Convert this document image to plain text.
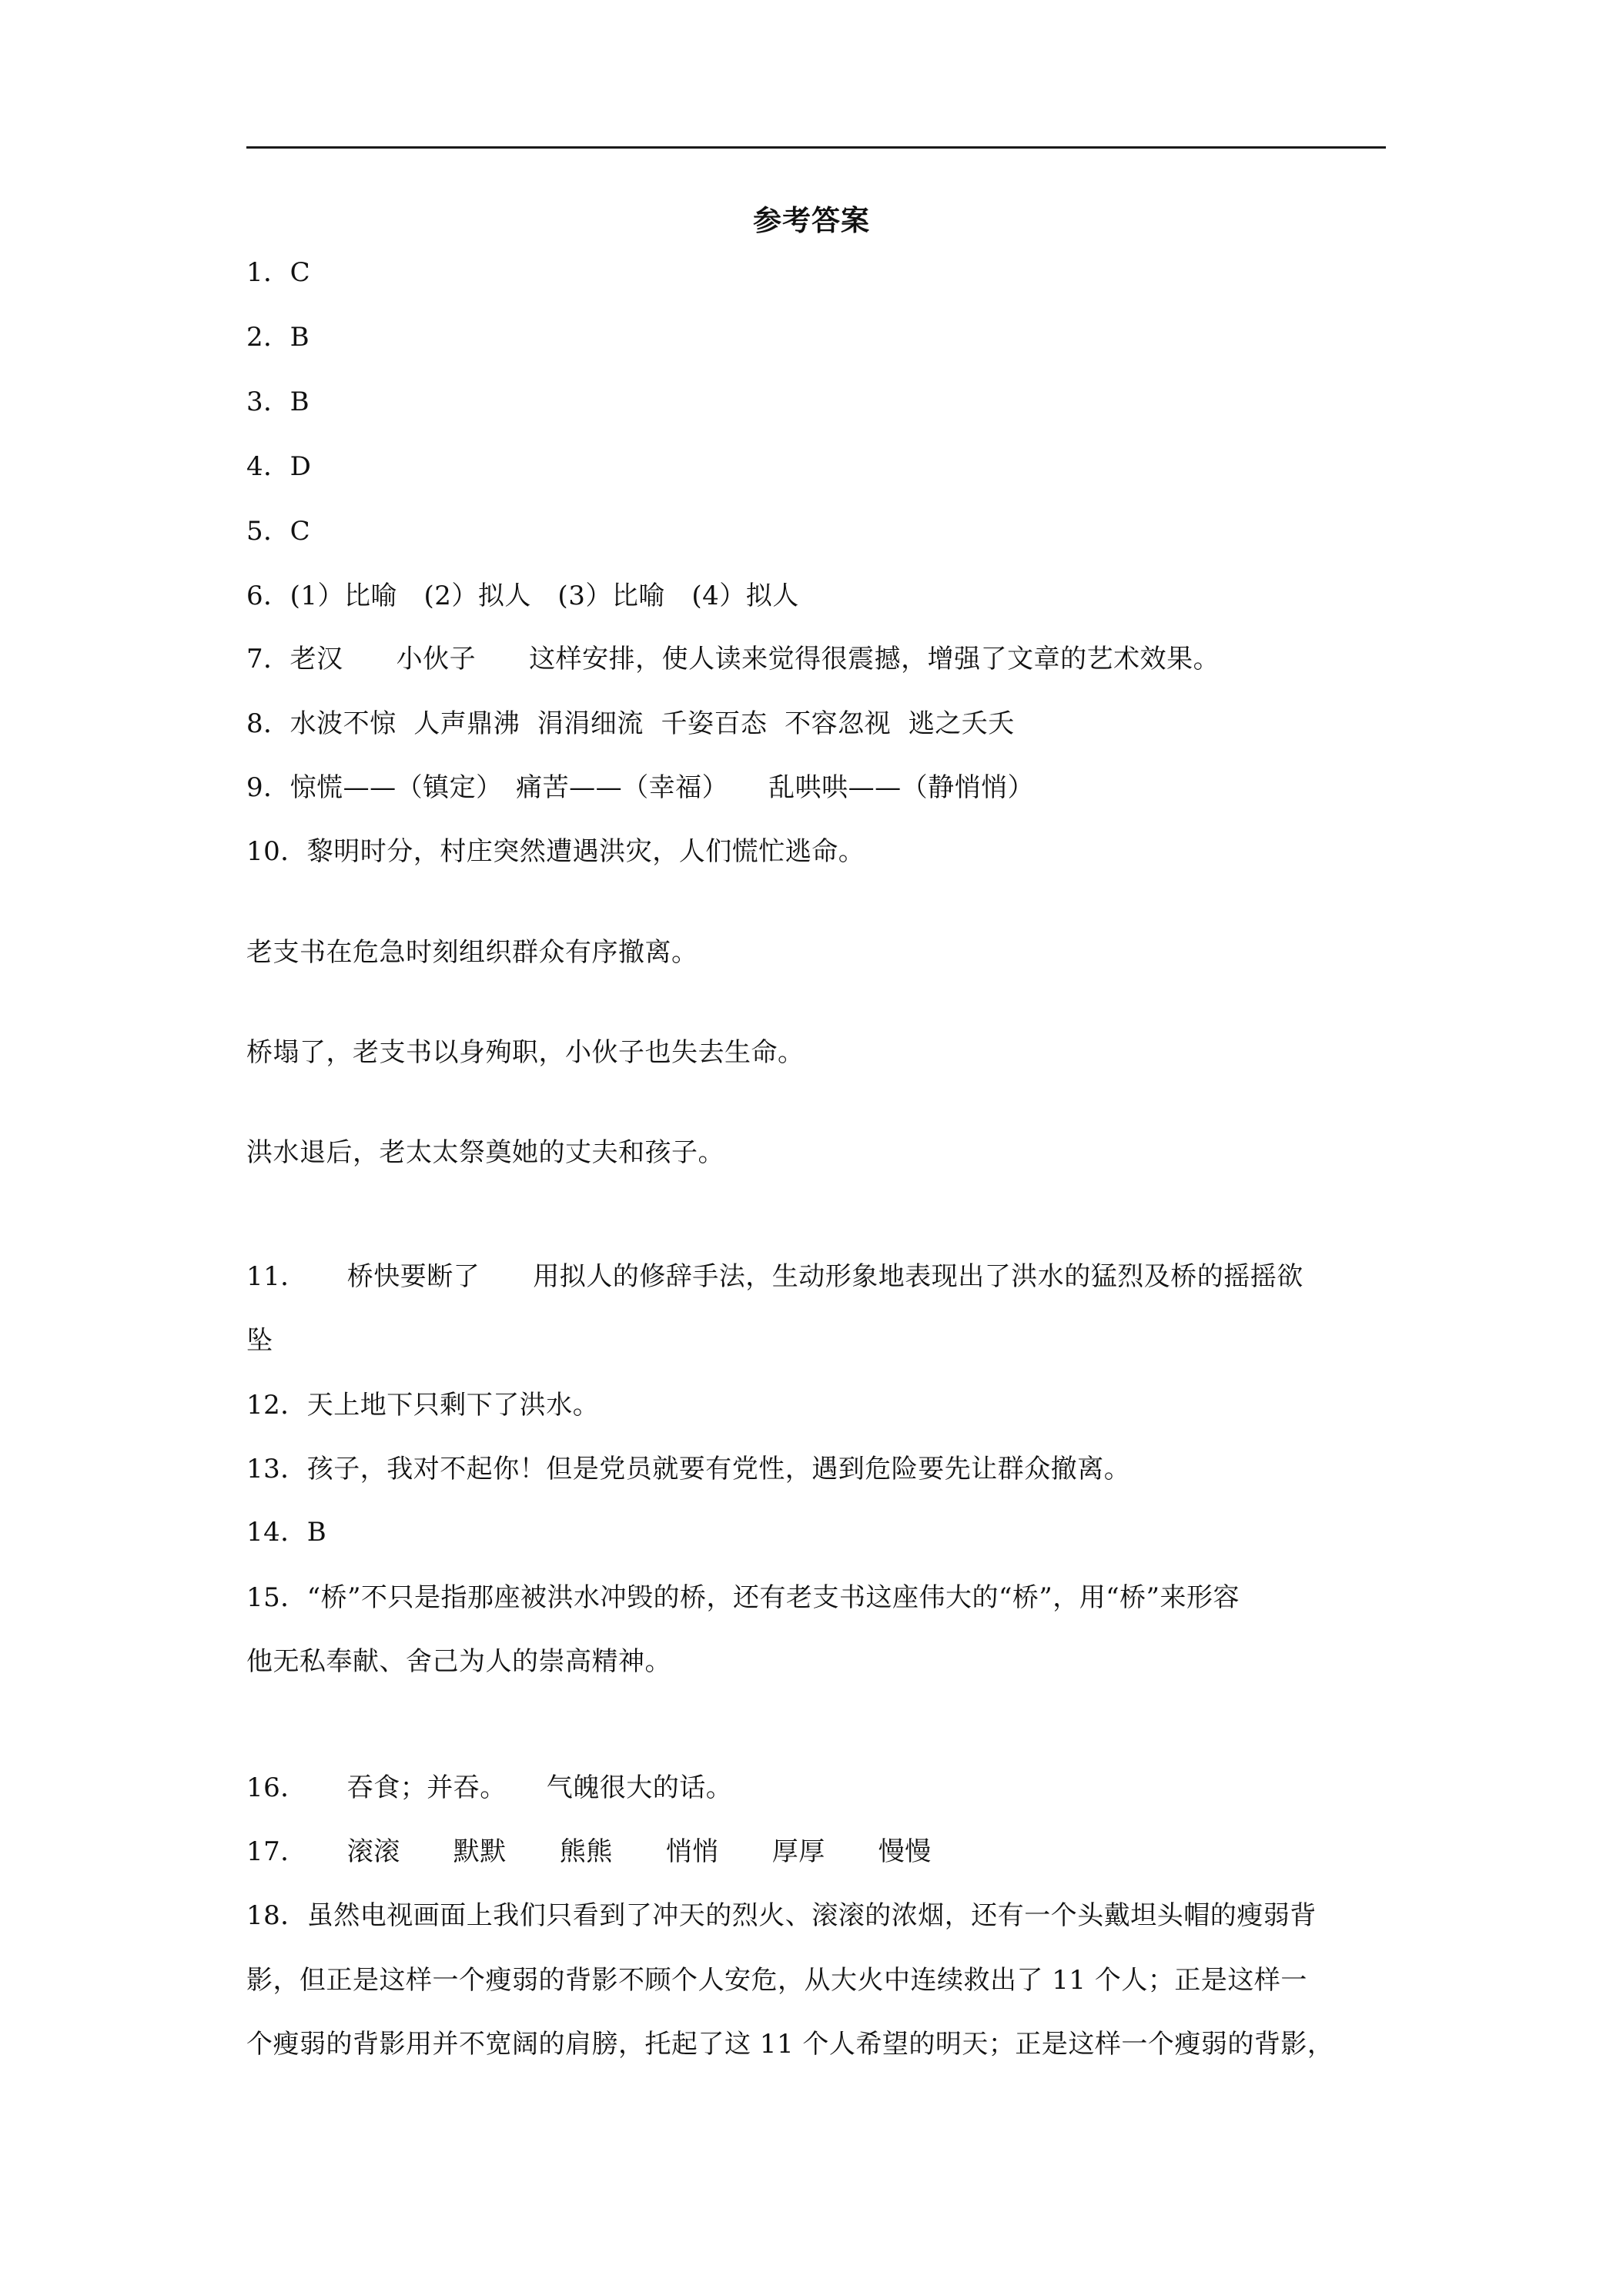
参考答案
1．C
2．B
3．B
4．D
5．C
6．(1）比喻　(2）拟人　(3）比喻　(4）拟人
7．老汉　　小伙子　　这样安排，使人读来觉得很震撼，增强了文章的艺术效果。
8．水波不惊  人声鼎沸  涓涓细流  千姿百态  不容忽视  逃之夭夭
9．惊慌——（镇定）　痛苦——（幸福）　　乱哄哄——（静悄悄）
10．黎明时分，村庄突然遭遇洪灾，人们慌忙逃命。
老支书在危急时刻组织群众有序撤离。
桥塌了，老支书以身殉职，小伙子也失去生命。
洪水退后，老太太祭奠她的丈夫和孩子。
11．　　桥快要断了　　用拟人的修辞手法，生动形象地表现出了洪水的猛烈及桥的摇摇欲
坠
12．天上地下只剩下了洪水。
13．孩子，我对不起你！但是党员就要有党性，遇到危险要先让群众撤离。
14．B
15．“桥”不只是指那座被洪水冲毁的桥，还有老支书这座伟大的“桥”，用“桥”来形容
他无私奉献、舍己为人的崇高精神。
16．　　吞食；并吞。　　气魄很大的话。
17．　　滚滚　　默默　　熊熊　　悄悄　　厚厚　　慢慢
18．虽然电视画面上我们只看到了冲天的烈火、滚滚的浓烟，还有一个头戴坦头帽的瘦弱背
影，但正是这样一个瘦弱的背影不顾个人安危，从大火中连续救出了 11 个人；正是这样一
个瘦弱的背影用并不宽阔的肩膀，托起了这 11 个人希望的明天；正是这样一个瘦弱的背影，
